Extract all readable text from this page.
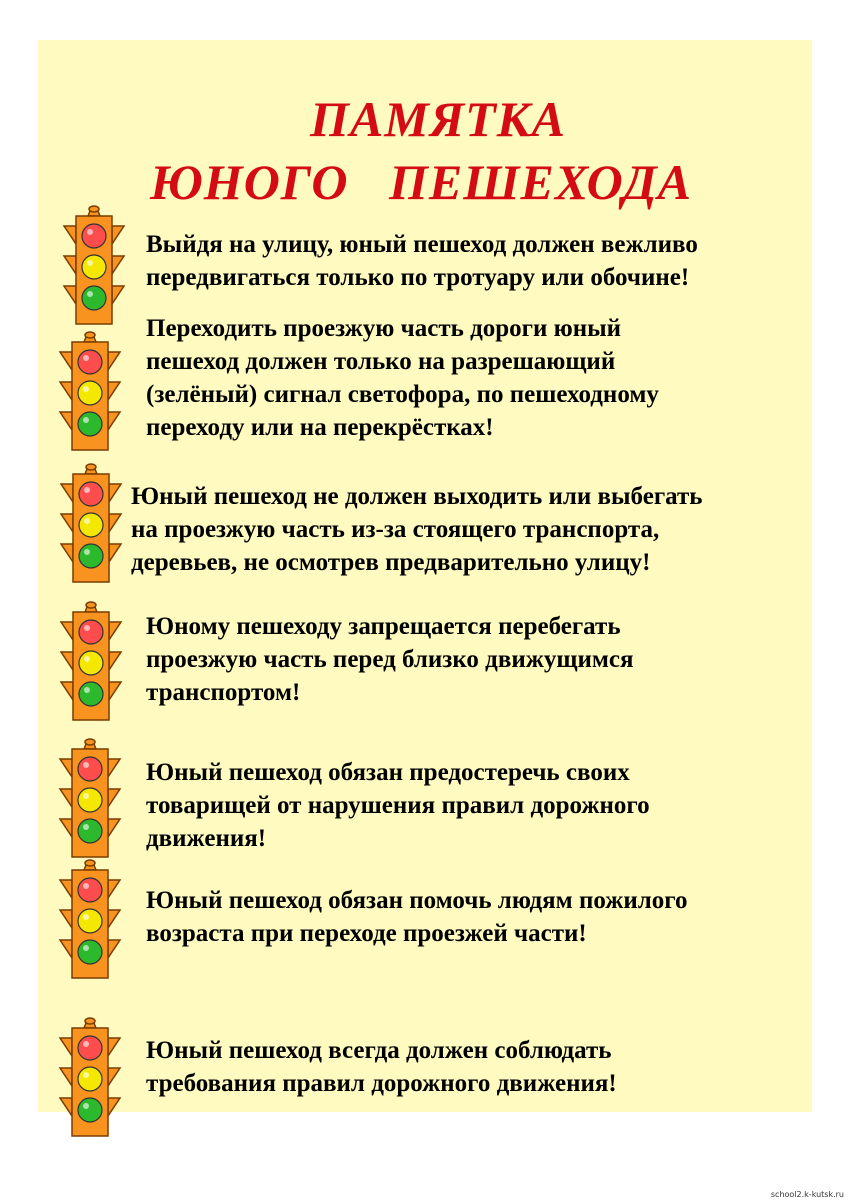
ПАМЯТКА
ЮНОГО   ПЕШЕХОДА
Выйдя на улицу, юный пешеход должен вежливо
передвигаться только по тротуару или обочине!
Переходить проезжую часть дороги юный
пешеход должен только на разрешающий
(зелёный) сигнал светофора, по пешеходному
переходу или на перекрёстках!
Юный пешеход не должен выходить или выбегать
на проезжую часть из-за стоящего транспорта,
деревьев, не осмотрев предварительно улицу!
Юному пешеходу запрещается перебегать
проезжую часть перед близко движущимся
транспортом!
Юный пешеход обязан предостеречь своих
товарищей от нарушения правил дорожного
движения!
Юный пешеход обязан помочь людям пожилого
возраста при переходе проезжей части!
Юный пешеход всегда должен соблюдать
требования правил дорожного движения!
school2.k-kutsk.ru
